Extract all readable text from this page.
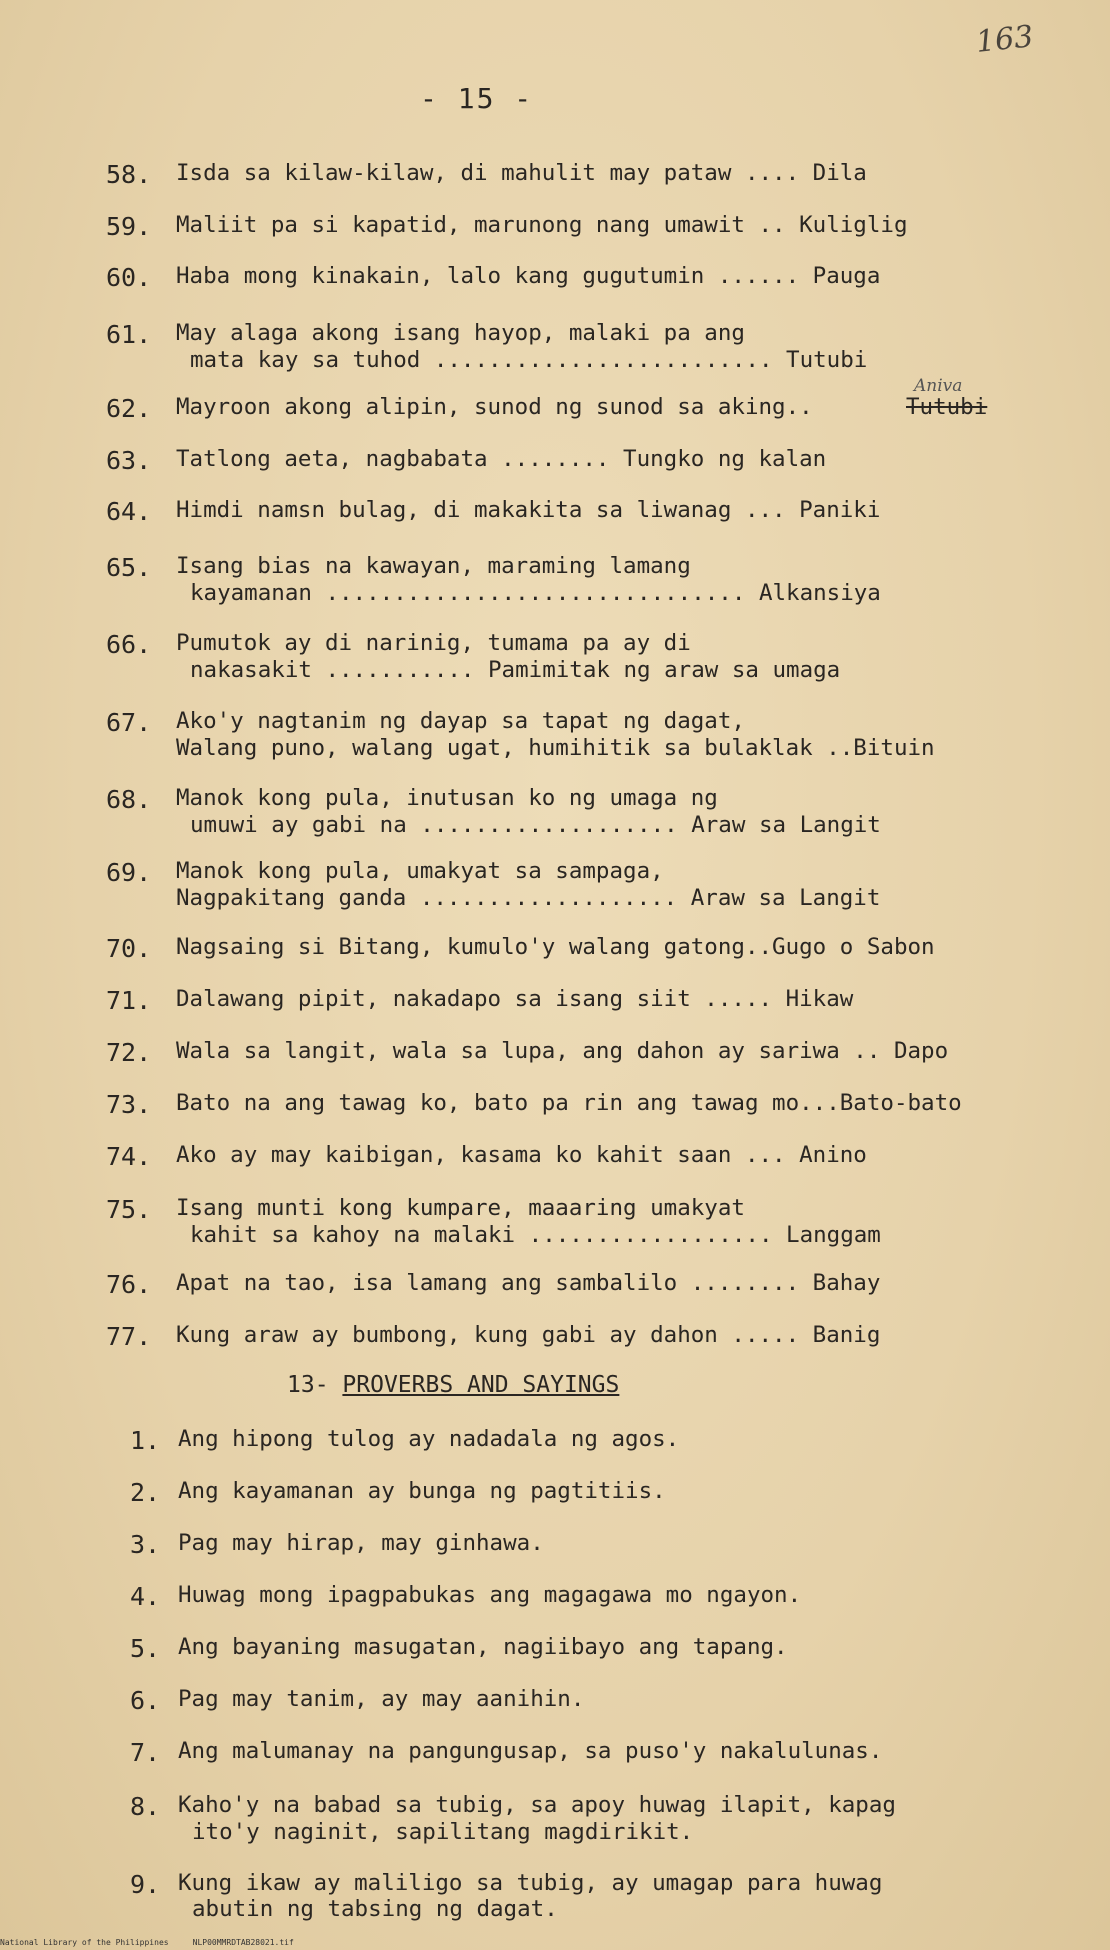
163
- 15 -
58.	Isda sa kilaw-kilaw, di mahulit may pataw .... Dila
59.	Maliit pa si kapatid, marunong nang umawit .. Kuliglig
60.	Haba mong kinakain, lalo kang gugutumin ...... Pauga
61.	May alaga akong isang hayop, malaki pa ang
mata kay sa tuhod ......................... Tutubi
62.	Mayroon akong alipin, sunod ng sunod sa aking..	Tutubi
Aniva
63.	Tatlong aeta, nagbabata ........ Tungko ng kalan
64.	Himdi namsn bulag, di makakita sa liwanag ... Paniki
65.	Isang bias na kawayan, maraming lamang
kayamanan ............................... Alkansiya
66.	Pumutok ay di narinig, tumama pa ay di
nakasakit ........... Pamimitak ng araw sa umaga
67.	Ako'y nagtanim ng dayap sa tapat ng dagat,
Walang puno, walang ugat, humihitik sa bulaklak ..Bituin
68.	Manok kong pula, inutusan ko ng umaga ng
umuwi ay gabi na ................... Araw sa Langit
69.	Manok kong pula, umakyat sa sampaga,
Nagpakitang ganda ................... Araw sa Langit
70.	Nagsaing si Bitang, kumulo'y walang gatong..Gugo o Sabon
71.	Dalawang pipit, nakadapo sa isang siit ..... Hikaw
72.	Wala sa langit, wala sa lupa, ang dahon ay sariwa .. Dapo
73.	Bato na ang tawag ko, bato pa rin ang tawag mo...Bato-bato
74.	Ako ay may kaibigan, kasama ko kahit saan ... Anino
75.	Isang munti kong kumpare, maaaring umakyat
kahit sa kahoy na malaki .................. Langgam
76.	Apat na tao, isa lamang ang sambalilo ........ Bahay
77.	Kung araw ay bumbong, kung gabi ay dahon ..... Banig
13- PROVERBS AND SAYINGS
1. Ang hipong tulog ay nadadala ng agos.
2. Ang kayamanan ay bunga ng pagtitiis.
3. Pag may hirap, may ginhawa.
4. Huwag mong ipagpabukas ang magagawa mo ngayon.
5. Ang bayaning masugatan, nagiibayo ang tapang.
6. Pag may tanim, ay may aanihin.
7. Ang malumanay na pangungusap, sa puso'y nakalulunas.
8. Kaho'y na babad sa tubig, sa apoy huwag ilapit, kapag
ito'y naginit, sapilitang magdirikit.
9. Kung ikaw ay maliligo sa tubig, ay umagap para huwag
abutin ng tabsing ng dagat.
National Library of the Philippines     NLP00MMRDTAB28021.tif
